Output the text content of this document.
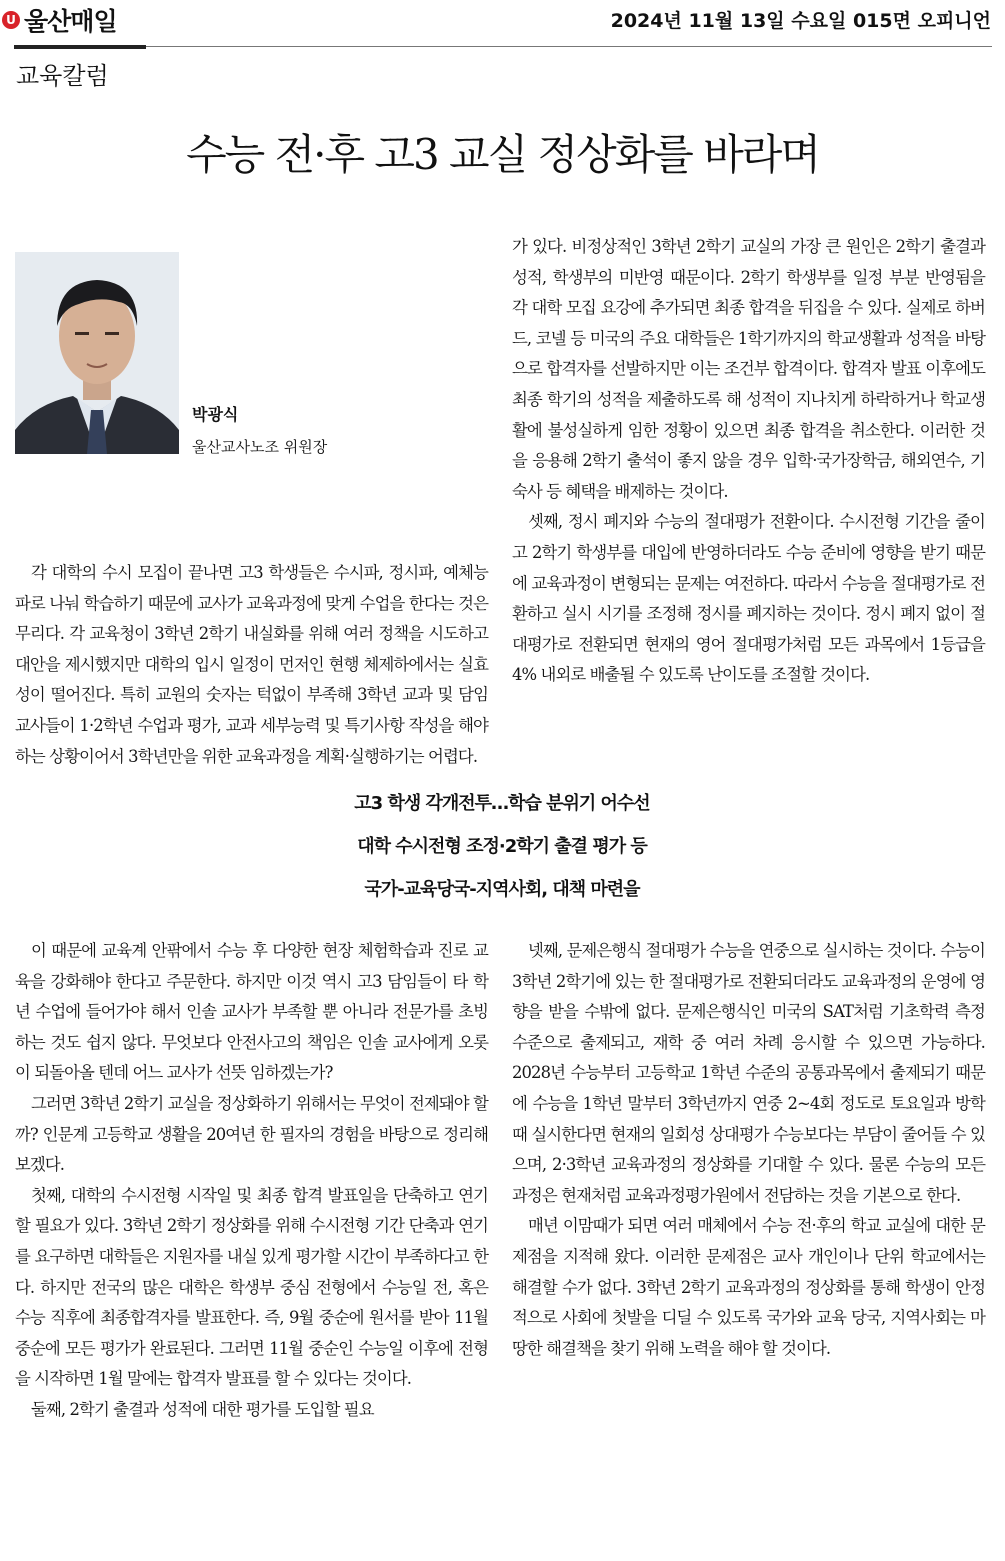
U 울산매일	2024년 11월 13일 수요일 015면 오피니언
교육칼럼
수능 전·후 고3 교실 정상화를 바라며
박광식
울산교사노조 위원장

각 대학의 수시 모집이 끝나면 고3 학생들은 수시파, 정시파, 예체능파로 나눠 학습하기 때문에 교사가 교육과정에 맞게 수업을 한다는 것은 무리다. 각 교육청이 3학년 2학기 내실화를 위해 여러 정책을 시도하고 대안을 제시했지만 대학의 입시 일정이 먼저인 현행 체제하에서는 실효성이 떨어진다. 특히 교원의 숫자는 턱없이 부족해 3학년 교과 및 담임 교사들이 1·2학년 수업과 평가, 교과 세부능력 및 특기사항 작성을 해야 하는 상황이어서 3학년만을 위한 교육과정을 계획·실행하기는 어렵다.

고3 학생 각개전투…학습 분위기 어수선
대학 수시전형 조정·2학기 출결 평가 등
국가-교육당국-지역사회, 대책 마련을

이 때문에 교육계 안팎에서 수능 후 다양한 현장 체험학습과 진로 교육을 강화해야 한다고 주문한다. 하지만 이것 역시 고3 담임들이 타 학년 수업에 들어가야 해서 인솔 교사가 부족할 뿐 아니라 전문가를 초빙하는 것도 쉽지 않다. 무엇보다 안전사고의 책임은 인솔 교사에게 오롯이 되돌아올 텐데 어느 교사가 선뜻 임하겠는가?

그러면 3학년 2학기 교실을 정상화하기 위해서는 무엇이 전제돼야 할까? 인문계 고등학교 생활을 20여년 한 필자의 경험을 바탕으로 정리해 보겠다.

첫째, 대학의 수시전형 시작일 및 최종 합격 발표일을 단축하고 연기할 필요가 있다. 3학년 2학기 정상화를 위해 수시전형 기간 단축과 연기를 요구하면 대학들은 지원자를 내실 있게 평가할 시간이 부족하다고 한다. 하지만 전국의 많은 대학은 학생부 중심 전형에서 수능일 전, 혹은 수능 직후에 최종합격자를 발표한다. 즉, 9월 중순에 원서를 받아 11월 중순에 모든 평가가 완료된다. 그러면 11월 중순인 수능일 이후에 전형을 시작하면 1월 말에는 합격자 발표를 할 수 있다는 것이다.

둘째, 2학기 출결과 성적에 대한 평가를 도입할 필요

가 있다. 비정상적인 3학년 2학기 교실의 가장 큰 원인은 2학기 출결과 성적, 학생부의 미반영 때문이다. 2학기 학생부를 일정 부분 반영됨을 각 대학 모집 요강에 추가되면 최종 합격을 뒤집을 수 있다. 실제로 하버드, 코넬 등 미국의 주요 대학들은 1학기까지의 학교생활과 성적을 바탕으로 합격자를 선발하지만 이는 조건부 합격이다. 합격자 발표 이후에도 최종 학기의 성적을 제출하도록 해 성적이 지나치게 하락하거나 학교생활에 불성실하게 임한 정황이 있으면 최종 합격을 취소한다. 이러한 것을 응용해 2학기 출석이 좋지 않을 경우 입학·국가장학금, 해외연수, 기숙사 등 혜택을 배제하는 것이다.

셋째, 정시 폐지와 수능의 절대평가 전환이다. 수시전형 기간을 줄이고 2학기 학생부를 대입에 반영하더라도 수능 준비에 영향을 받기 때문에 교육과정이 변형되는 문제는 여전하다. 따라서 수능을 절대평가로 전환하고 실시 시기를 조정해 정시를 폐지하는 것이다. 정시 폐지 없이 절대평가로 전환되면 현재의 영어 절대평가처럼 모든 과목에서 1등급을 4% 내외로 배출될 수 있도록 난이도를 조절할 것이다.

넷째, 문제은행식 절대평가 수능을 연중으로 실시하는 것이다. 수능이 3학년 2학기에 있는 한 절대평가로 전환되더라도 교육과정의 운영에 영향을 받을 수밖에 없다. 문제은행식인 미국의 SAT처럼 기초학력 측정 수준으로 출제되고, 재학 중 여러 차례 응시할 수 있으면 가능하다. 2028년 수능부터 고등학교 1학년 수준의 공통과목에서 출제되기 때문에 수능을 1학년 말부터 3학년까지 연중 2~4회 정도로 토요일과 방학 때 실시한다면 현재의 일회성 상대평가 수능보다는 부담이 줄어들 수 있으며, 2·3학년 교육과정의 정상화를 기대할 수 있다. 물론 수능의 모든 과정은 현재처럼 교육과정평가원에서 전담하는 것을 기본으로 한다.

매년 이맘때가 되면 여러 매체에서 수능 전·후의 학교 교실에 대한 문제점을 지적해 왔다. 이러한 문제점은 교사 개인이나 단위 학교에서는 해결할 수가 없다. 3학년 2학기 교육과정의 정상화를 통해 학생이 안정적으로 사회에 첫발을 디딜 수 있도록 국가와 교육 당국, 지역사회는 마땅한 해결책을 찾기 위해 노력을 해야 할 것이다.
